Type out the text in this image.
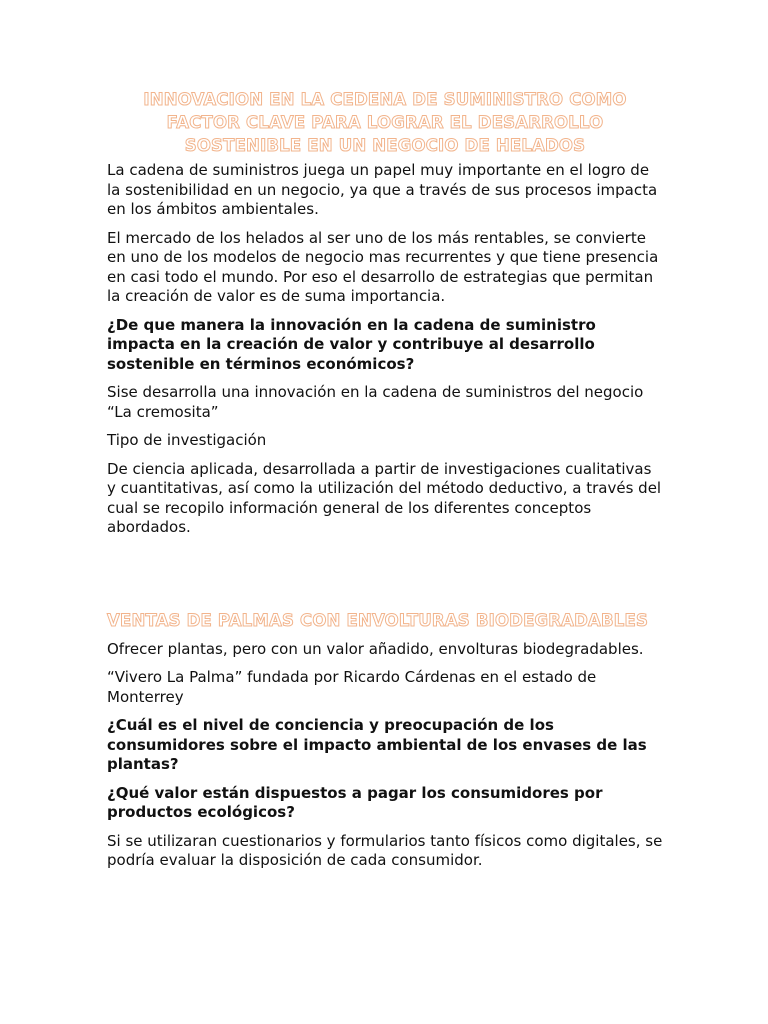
INNOVACION EN LA CEDENA DE SUMINISTRO COMO FACTOR CLAVE PARA LOGRAR EL DESARROLLO SOSTENIBLE EN UN NEGOCIO DE HELADOS

La cadena de suministros juega un papel muy importante en el logro de la sostenibilidad en un negocio, ya que a través de sus procesos impacta en los ámbitos ambientales.

El mercado de los helados al ser uno de los más rentables, se convierte en uno de los modelos de negocio mas recurrentes y que tiene presencia en casi todo el mundo. Por eso el desarrollo de estrategias que permitan la creación de valor es de suma importancia.

¿De que manera la innovación en la cadena de suministro impacta en la creación de valor y contribuye al desarrollo sostenible en términos económicos?

Sise desarrolla una innovación en la cadena de suministros del negocio “La cremosita”

Tipo de investigación

De ciencia aplicada, desarrollada a partir de investigaciones cualitativas y cuantitativas, así como la utilización del método deductivo, a través del cual se recopilo información general de los diferentes conceptos abordados.

VENTAS DE PALMAS CON ENVOLTURAS BIODEGRADABLES

Ofrecer plantas, pero con un valor añadido, envolturas biodegradables.

“Vivero La Palma” fundada por Ricardo Cárdenas en el estado de Monterrey

¿Cuál es el nivel de conciencia y preocupación de los consumidores sobre el impacto ambiental de los envases de las plantas?

¿Qué valor están dispuestos a pagar los consumidores por productos ecológicos?

Si se utilizaran cuestionarios y formularios tanto físicos como digitales, se podría evaluar la disposición de cada consumidor.
